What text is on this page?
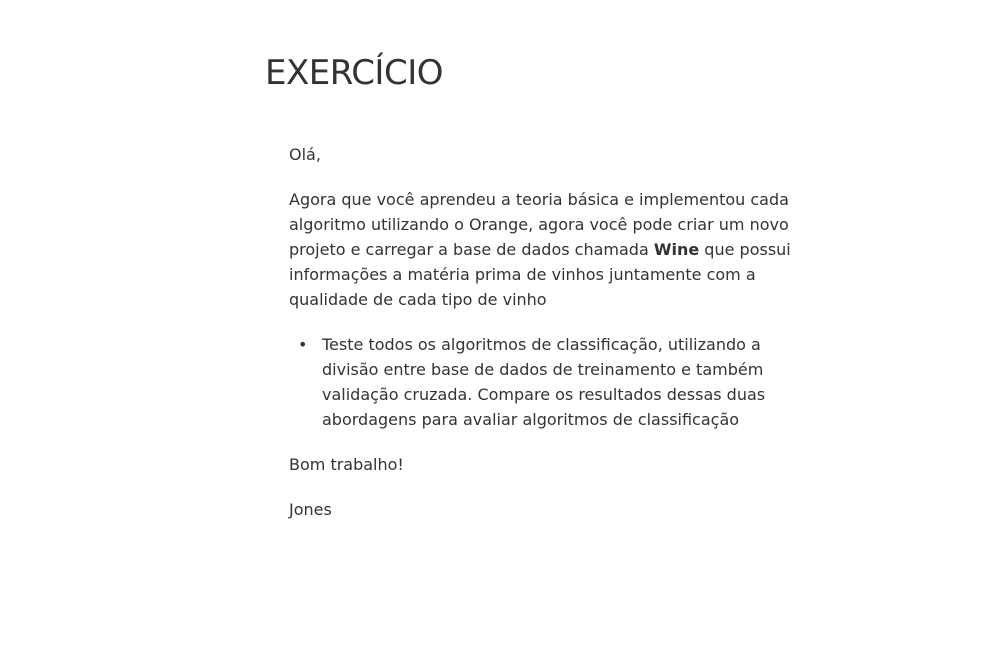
EXERCÍCIO

Olá,

Agora que você aprendeu a teoria básica e implementou cada algoritmo utilizando o Orange, agora você pode criar um novo projeto e carregar a base de dados chamada Wine que possui informações a matéria prima de vinhos juntamente com a qualidade de cada tipo de vinho

• Teste todos os algoritmos de classificação, utilizando a divisão entre base de dados de treinamento e também validação cruzada. Compare os resultados dessas duas abordagens para avaliar algoritmos de classificação

Bom trabalho!

Jones
